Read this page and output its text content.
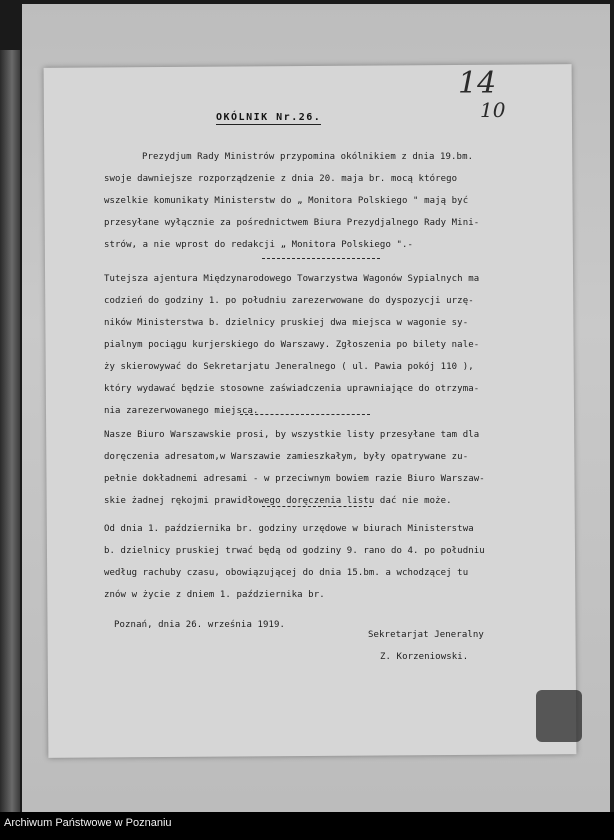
14
10
OKÓLNIK Nr.26.
Prezydjum Rady Ministrów przypomina okólnikiem z dnia 19.bm.
swoje dawniejsze rozporządzenie z dnia 20. maja br. mocą którego
wszelkie komunikaty Ministerstw do „ Monitora Polskiego " mają być
przesyłane wyłącznie za pośrednictwem Biura Prezydjalnego Rady Mini-
strów, a nie wprost do redakcji „ Monitora Polskiego ".-
Tutejsza ajentura Międzynarodowego Towarzystwa Wagonów Sypialnych ma
codzień do godziny 1. po południu zarezerwowane do dyspozycji urzę-
ników Ministerstwa b. dzielnicy pruskiej dwa miejsca w wagonie sy-
pialnym pociągu kurjerskiego do Warszawy. Zgłoszenia po bilety nale-
ży skierowywać do Sekretarjatu Jeneralnego ( ul. Pawia pokój 110 ),
który wydawać będzie stosowne zaświadczenia uprawniające do otrzyma-
nia zarezerwowanego miejsca.
Nasze Biuro Warszawskie prosi, by wszystkie listy przesyłane tam dla
doręczenia adresatom,w Warszawie zamieszkałym, były opatrywane zu-
pełnie dokładnemi adresami - w przeciwnym bowiem razie Biuro Warszaw-
skie żadnej rękojmi prawidłowego doręczenia listu dać nie może.
Od dnia 1. października br. godziny urzędowe w biurach Ministerstwa
b. dzielnicy pruskiej trwać będą od godziny 9. rano do 4. po południu
według rachuby czasu, obowiązującej do dnia 15.bm. a wchodzącej tu
znów w życie z dniem 1. października br.
Poznań, dnia 26. września 1919.
Sekretarjat Jeneralny
Z. Korzeniowski.
Archiwum Państwowe w Poznaniu
